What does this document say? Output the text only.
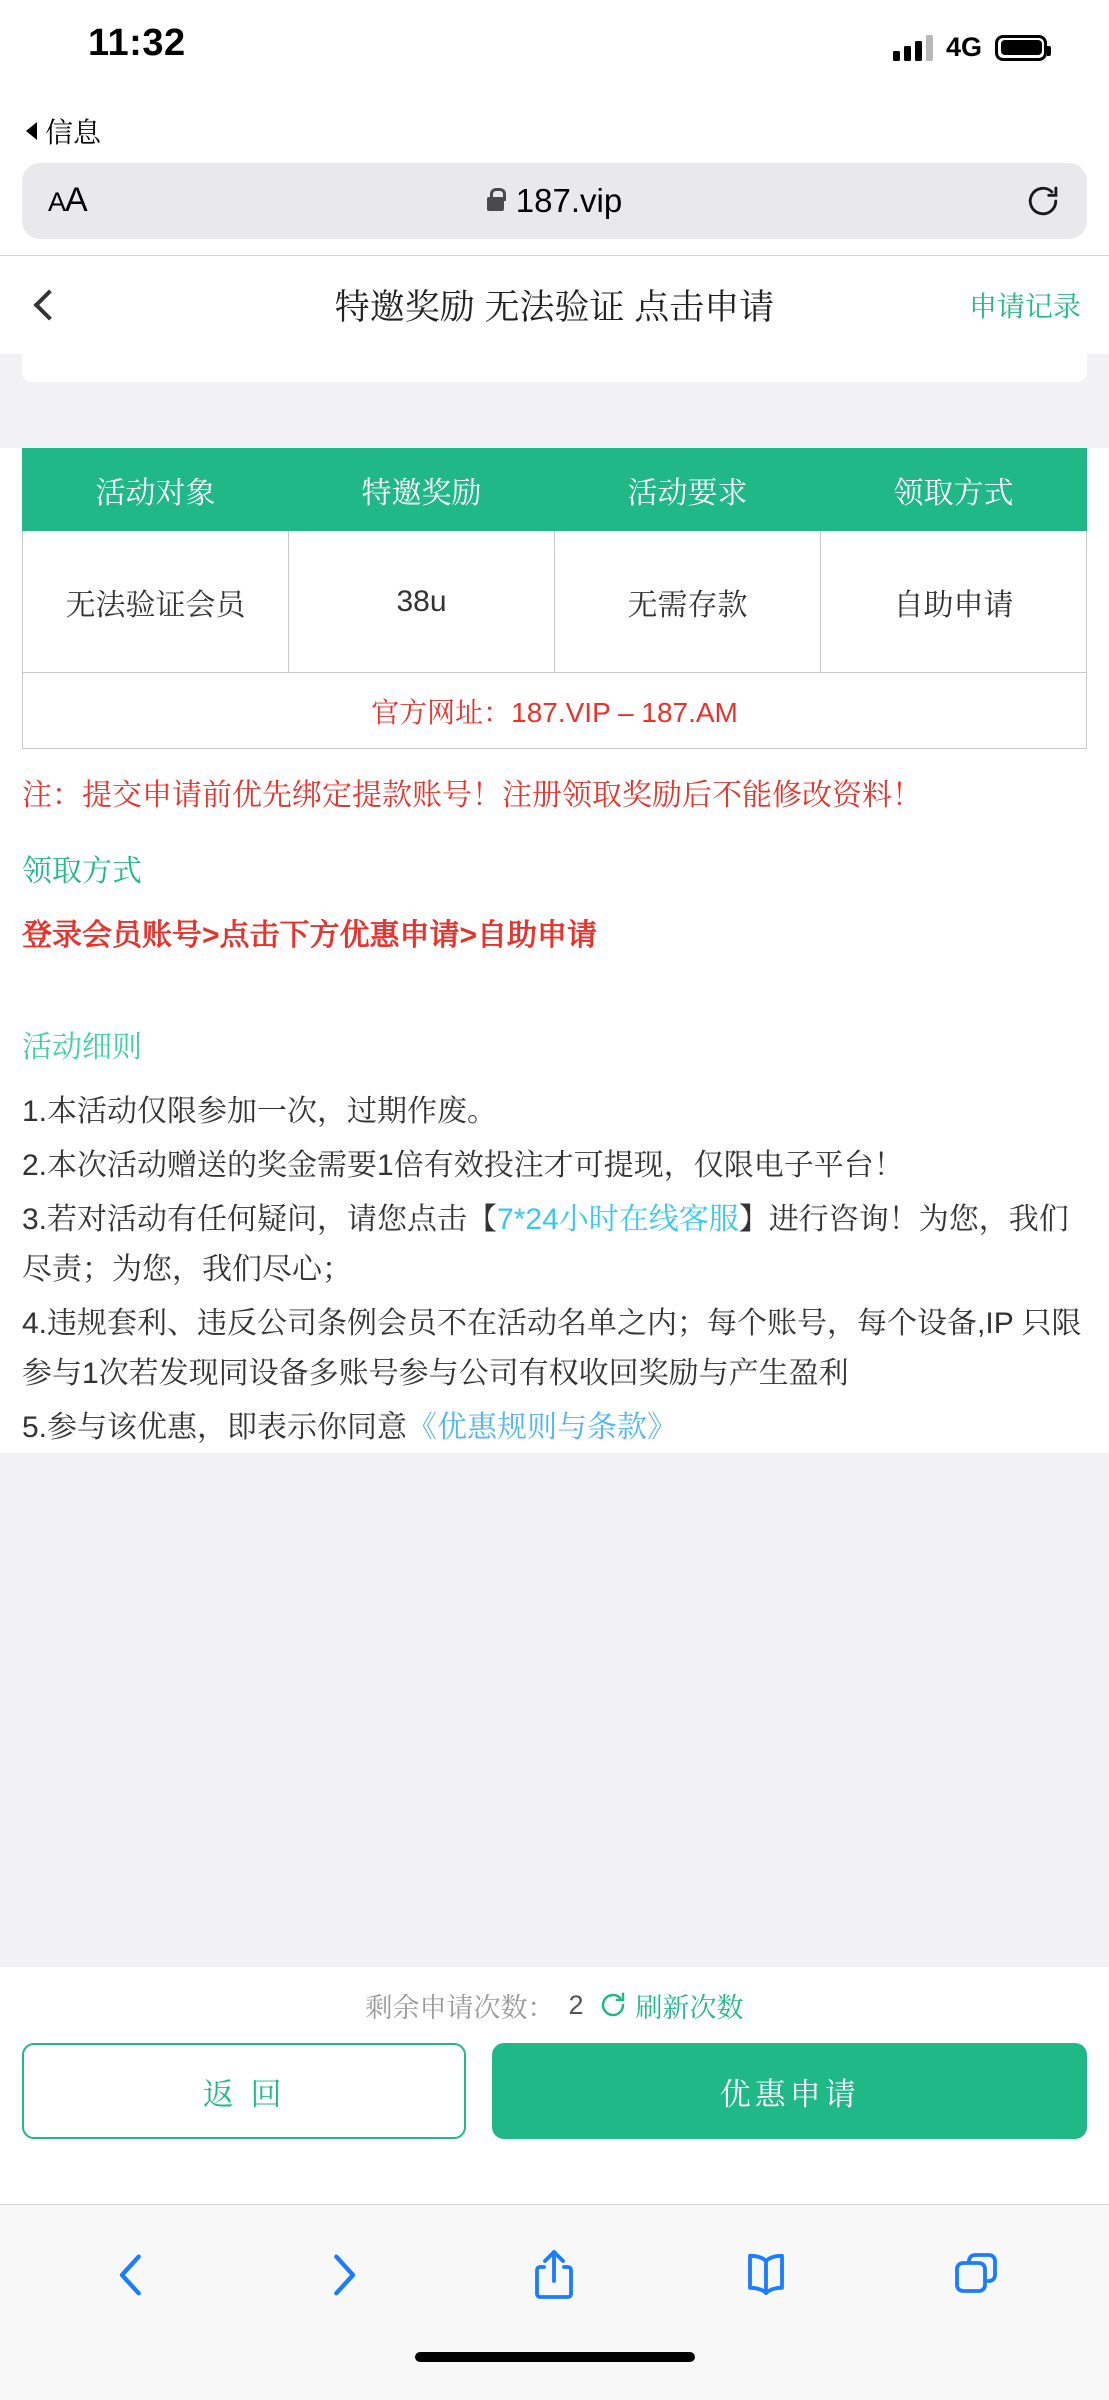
11:32	4G
信息
AA	187.vip
特邀奖励 无法验证 点击申请	申请记录
活动对象	特邀奖励	活动要求	领取方式
无法验证会员	38u	无需存款	自助申请
官方网址：187.VIP – 187.AM			
注：提交申请前优先绑定提款账号！注册领取奖励后不能修改资料！
领取方式
登录会员账号>点击下方优惠申请>自助申请
活动细则

1.本活动仅限参加一次，过期作废。

2.本次活动赠送的奖金需要1倍有效投注才可提现，仅限电子平台！

3.若对活动有任何疑问，请您点击【7*24小时在线客服】进行咨询！为您，我们尽责；为您，我们尽心；

4.违规套利、违反公司条例会员不在活动名单之内；每个账号，每个设备,IP 只限参与1次若发现同设备多账号参与公司有权收回奖励与产生盈利

5.参与该优惠，即表示你同意《优惠规则与条款》

剩余申请次数： 2 刷新次数
返 回	优惠申请
